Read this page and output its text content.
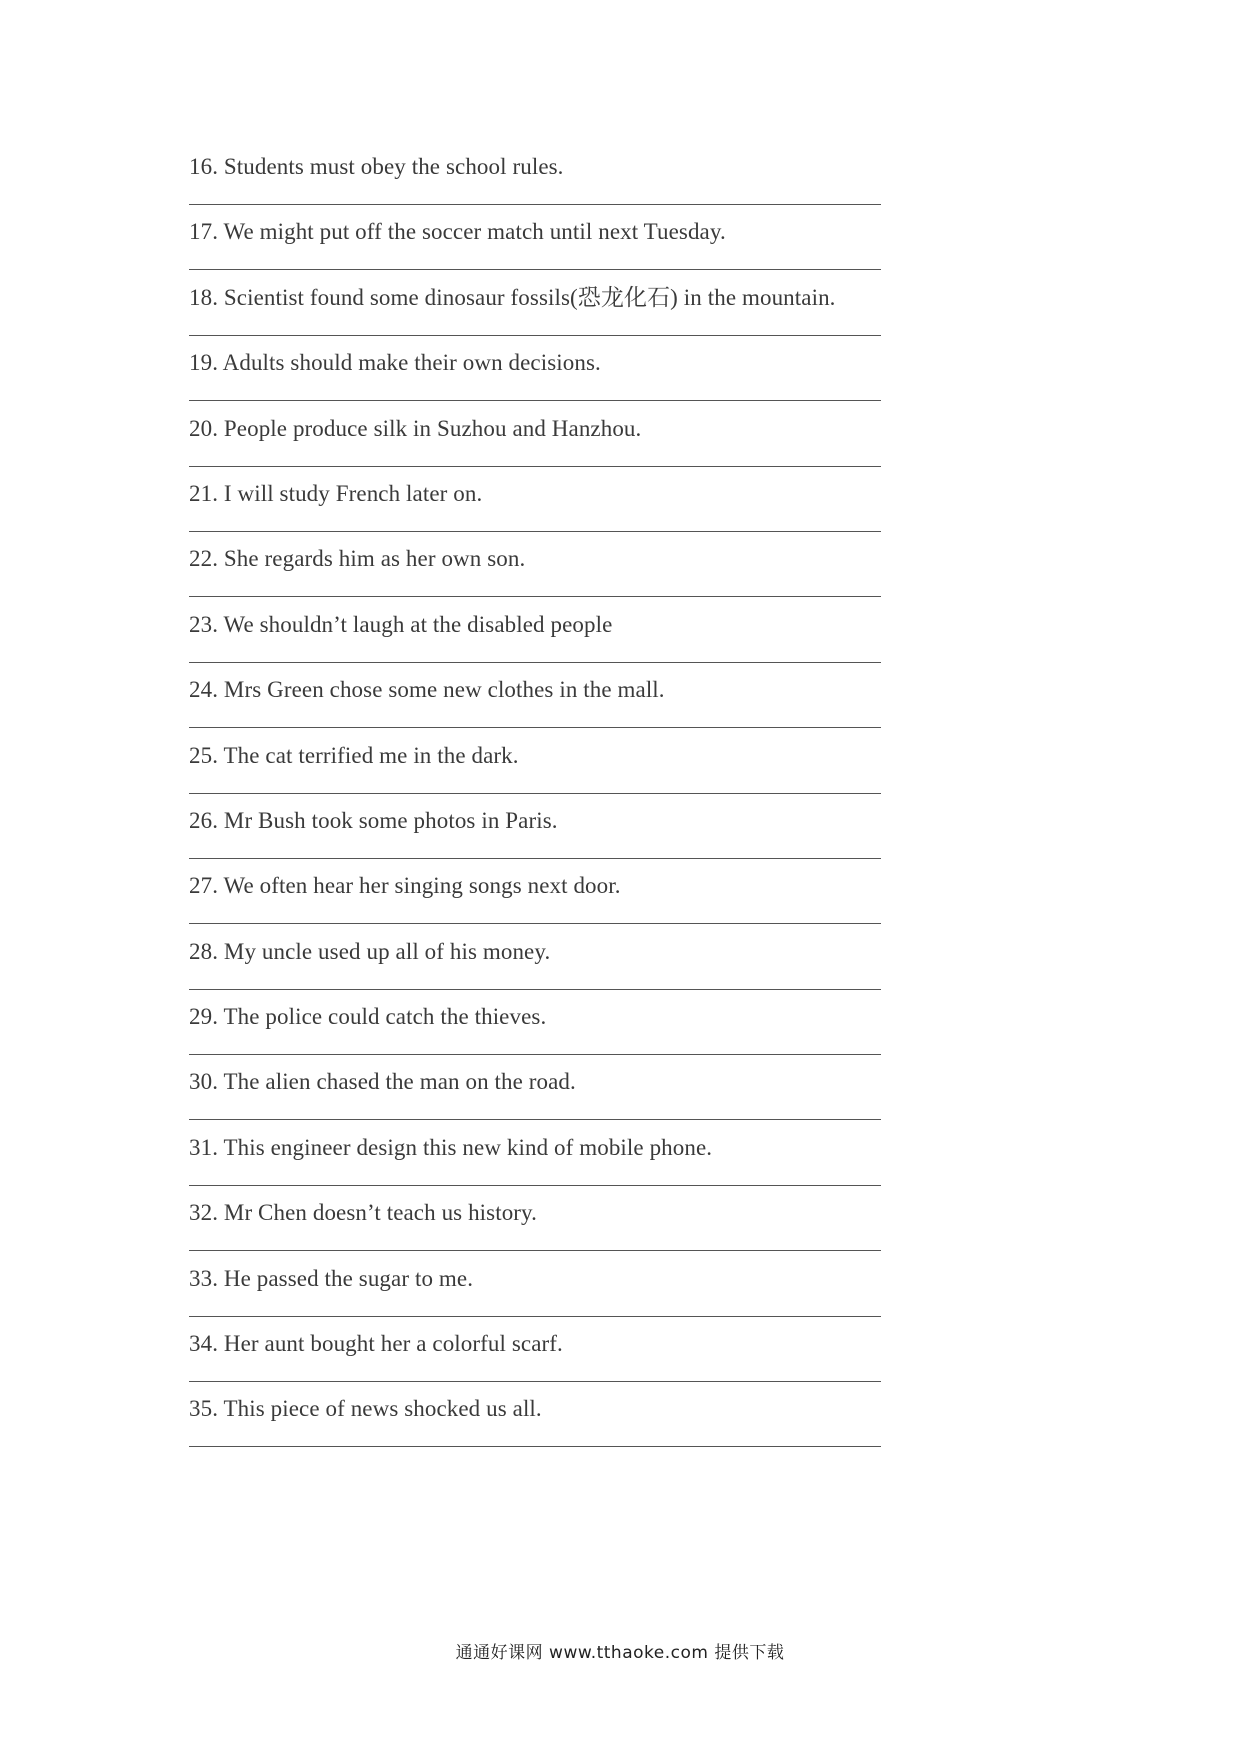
16. Students must obey the school rules.
17. We might put off the soccer match until next Tuesday.
18. Scientist found some dinosaur fossils(恐龙化石) in the mountain.
19. Adults should make their own decisions.
20. People produce silk in Suzhou and Hanzhou.
21. I will study French later on.
22. She regards him as her own son.
23. We shouldn’t laugh at the disabled people
24. Mrs Green chose some new clothes in the mall.
25. The cat terrified me in the dark.
26. Mr Bush took some photos in Paris.
27. We often hear her singing songs next door.
28. My uncle used up all of his money.
29. The police could catch the thieves.
30. The alien chased the man on the road.
31. This engineer design this new kind of mobile phone.
32. Mr Chen doesn’t teach us history.
33. He passed the sugar to me.
34. Her aunt bought her a colorful scarf.
35. This piece of news shocked us all.
通通好课网 www.tthaoke.com 提供下载
